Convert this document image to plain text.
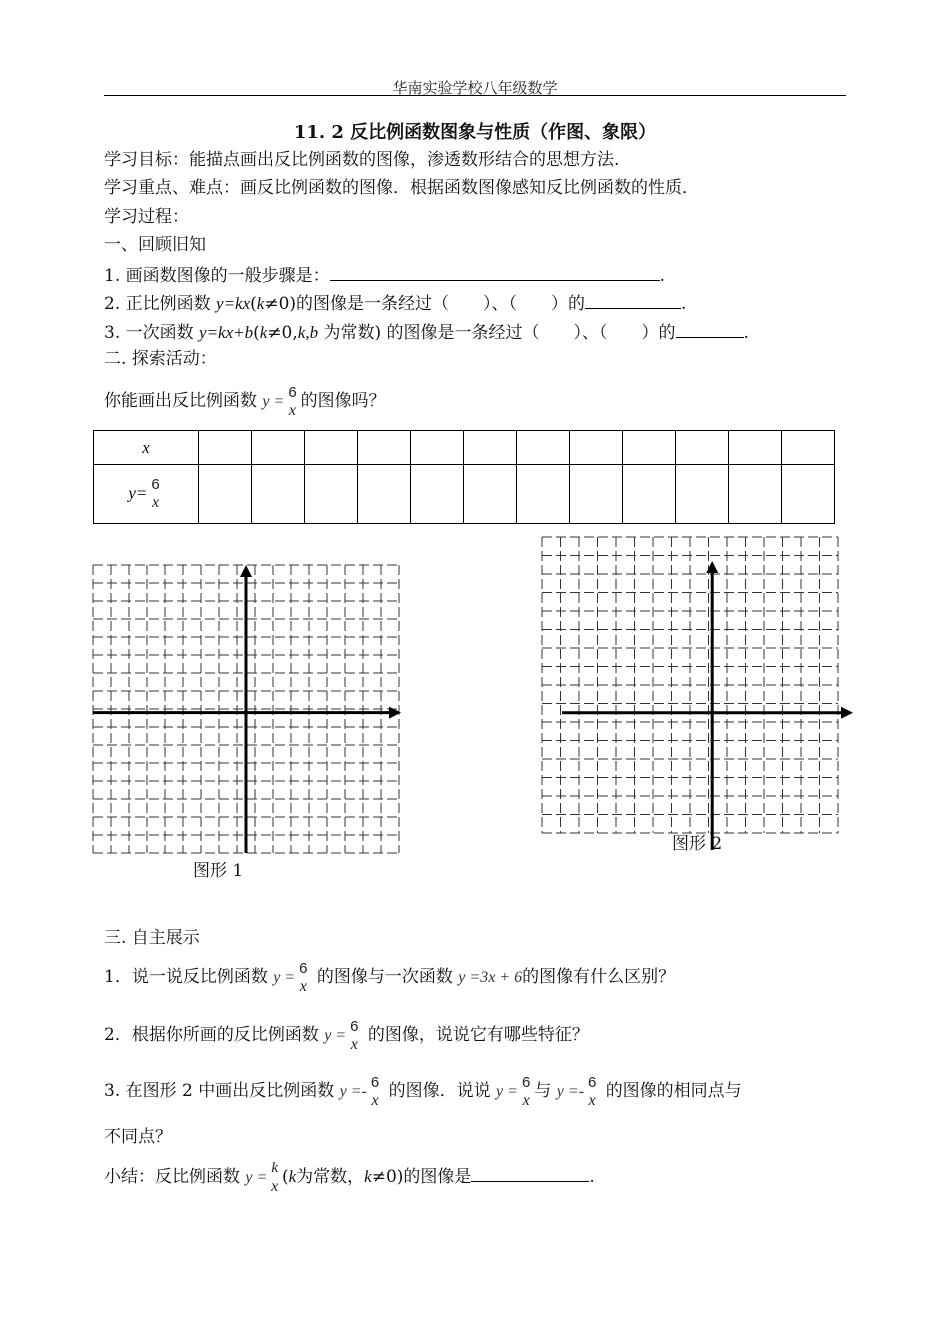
华南实验学校八年级数学
11. 2 反比例函数图象与性质（作图、象限）
学习目标：能描点画出反比例函数的图像，渗透数形结合的思想方法.
学习重点、难点：画反比例函数的图像．根据函数图像感知反比例函数的性质．
学习过程：
一、回顾旧知
1. 画函数图像的一般步骤是：	.
2. 正比例函数 y=kx(k≠0)的图像是一条经过（　　）、（　　）的	.
3. 一次函数 y=kx+b(k≠0,k,b 为常数) 的图像是一条经过（　　）、（　　）的	.
二. 探索活动：
你能画出反比例函数 y =
6
x 的图像吗？
x												
y= 6
x												

图形 1
图形 2
三. 自主展示
1．说一说反比例函数 y =
6
x 的图像与一次函数 y =3x + 6的图像有什么区别？
2．根据你所画的反比例函数 y =
6
x 的图像，说说它有哪些特征？
3. 在图形 2 中画出反比例函数 y =-
6
x 的图像．说说 y =
6
x 与 y =-
6
x 的图像的相同点与
不同点？
小结：反比例函数 y =
k
x (k为常数，k≠0)的图像是	.
